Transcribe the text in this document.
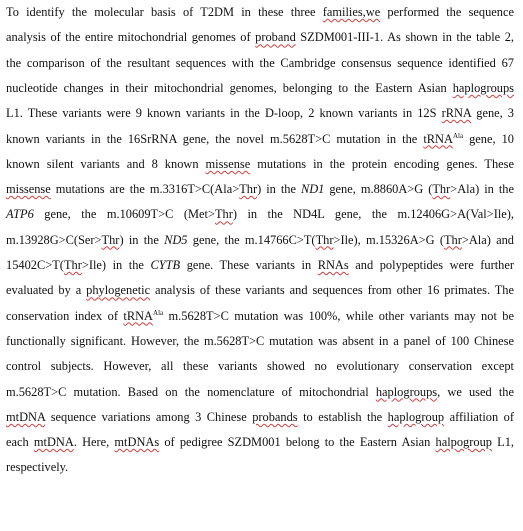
To identify the molecular basis of T2DM in these three families,we performed the sequence
analysis of the entire mitochondrial genomes of proband SZDM001-III-1. As shown in the table 2,
the comparison of the resultant sequences with the Cambridge consensus sequence identified 67
nucleotide changes in their mitochondrial genomes, belonging to the Eastern Asian haplogroups
L1. These variants were 9 known variants in the D-loop, 2 known variants in 12S rRNA gene, 3
known variants in the 16SrRNA gene, the novel m.5628T>C mutation in the tRNA$^{Ala}$ gene, 10
known silent variants and 8 known missense mutations in the protein encoding genes. These
missense mutations are the m.3316T>C(Ala>Thr) in the ND1 gene, m.8860A>G (Thr>Ala) in the
ATP6 gene, the m.10609T>C (Met>Thr) in the ND4L gene, the m.12406G>A(Val>Ile),
m.13928G>C(Ser>Thr) in the ND5 gene, the m.14766C>T(Thr>Ile), m.15326A>G (Thr>Ala) and
15402C>T(Thr>Ile) in the CYTB gene. These variants in RNAs and polypeptides were further
evaluated by a phylogenetic analysis of these variants and sequences from other 16 primates. The
conservation index of tRNA$^{Ala}$ m.5628T>C mutation was 100%, while other variants may not be
functionally significant. However, the m.5628T>C mutation was absent in a panel of 100 Chinese
control subjects. However, all these variants showed no evolutionary conservation except
m.5628T>C mutation. Based on the nomenclature of mitochondrial haplogroups, we used the
mtDNA sequence variations among 3 Chinese probands to establish the haplogroup affiliation of
each mtDNA. Here, mtDNAs of pedigree SZDM001 belong to the Eastern Asian halpogroup L1,
respectively.
